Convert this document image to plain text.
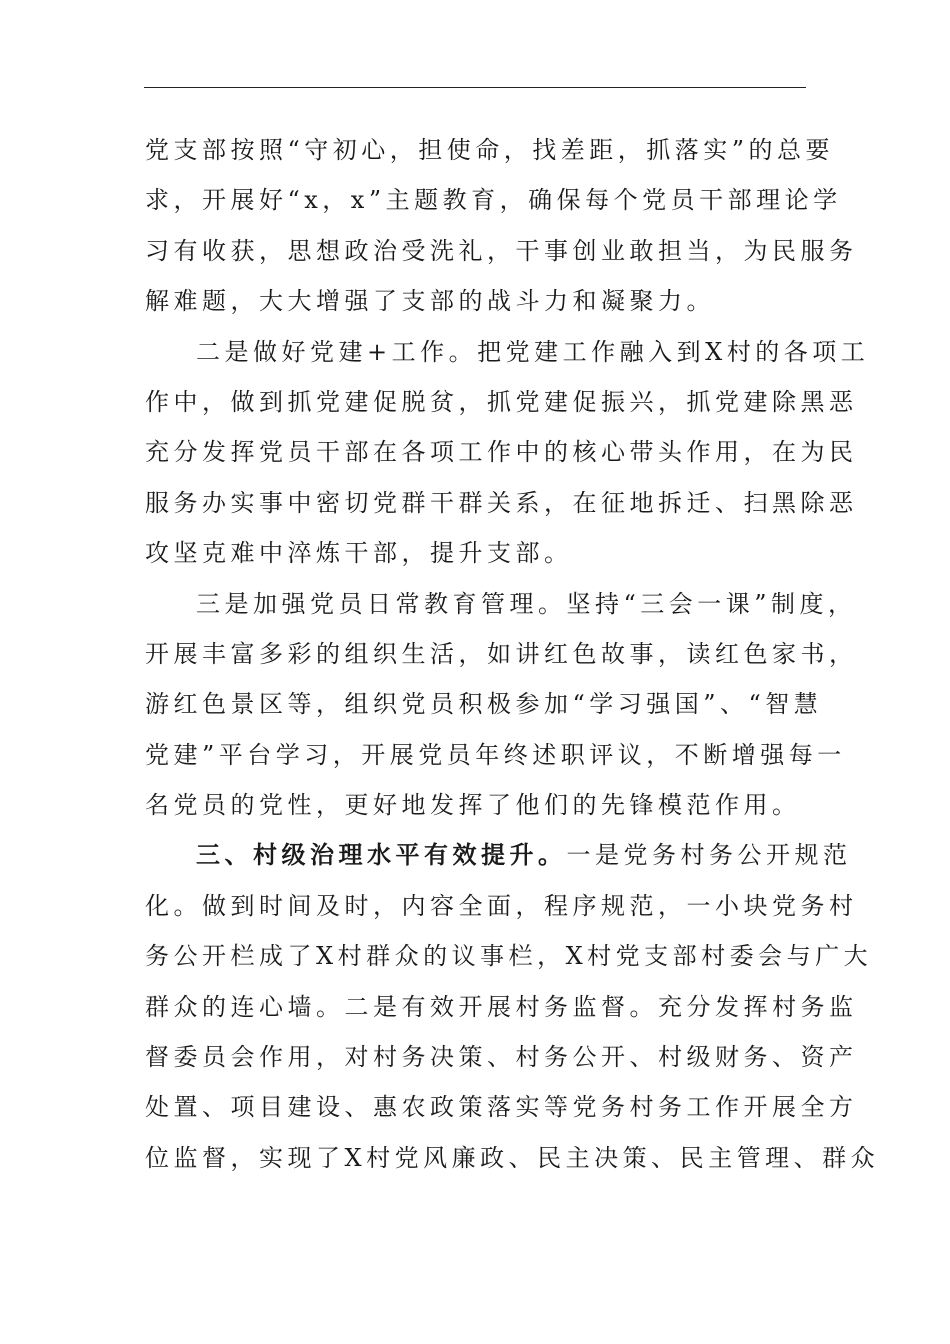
党支部按照“守初心，担使命，找差距，抓落实”的总要
求，开展好“x，x”主题教育，确保每个党员干部理论学
习有收获，思想政治受洗礼，干事创业敢担当，为民服务
解难题，大大增强了支部的战斗力和凝聚力。
二是做好党建+工作。把党建工作融入到X村的各项工
作中，做到抓党建促脱贫，抓党建促振兴，抓党建除黑恶
充分发挥党员干部在各项工作中的核心带头作用，在为民
服务办实事中密切党群干群关系，在征地拆迁、扫黑除恶
攻坚克难中淬炼干部，提升支部。
三是加强党员日常教育管理。坚持“三会一课”制度，
开展丰富多彩的组织生活，如讲红色故事，读红色家书，
游红色景区等，组织党员积极参加“学习强国”、“智慧
党建”平台学习，开展党员年终述职评议，不断增强每一
名党员的党性，更好地发挥了他们的先锋模范作用。
三、村级治理水平有效提升。一是党务村务公开规范
化。做到时间及时，内容全面，程序规范，一小块党务村
务公开栏成了X村群众的议事栏，X村党支部村委会与广大
群众的连心墙。二是有效开展村务监督。充分发挥村务监
督委员会作用，对村务决策、村务公开、村级财务、资产
处置、项目建设、惠农政策落实等党务村务工作开展全方
位监督，实现了X村党风廉政、民主决策、民主管理、群众
